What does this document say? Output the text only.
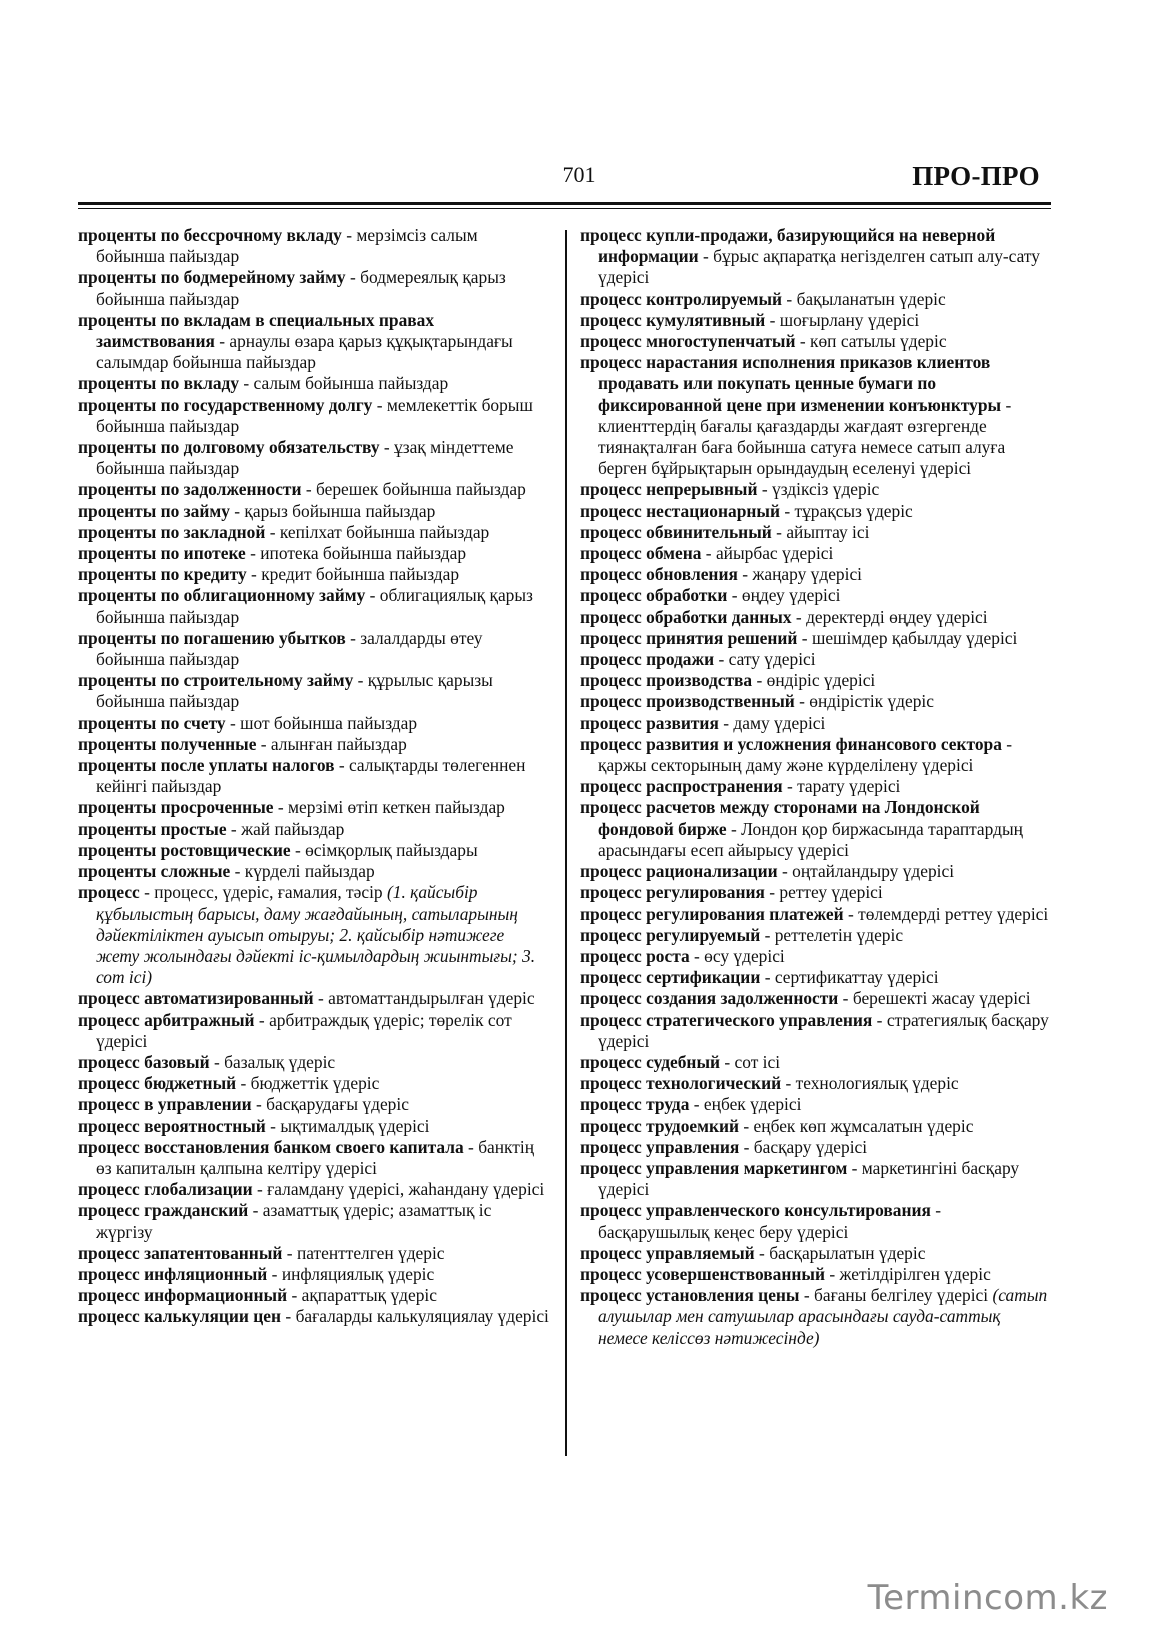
701	ПРО-ПРО
проценты по бессрочному вкладу - мерзімсіз салым бойынша пайыздар
проценты по бодмерейному займу - бодмереялық қарыз бойынша пайыздар
проценты по вкладам в специальных правах заимствования - арнаулы өзара қарыз құқықтарындағы салымдар бойынша пайыздар
проценты по вкладу - салым бойынша пайыздар
проценты по государственному долгу - мемлекеттік борыш бойынша пайыздар
проценты по долговому обязательству - ұзақ міндеттеме бойынша пайыздар
проценты по задолженности - берешек бойынша пайыздар
проценты по займу - қарыз бойынша пайыздар
проценты по закладной - кепілхат бойынша пайыздар
проценты по ипотеке - ипотека бойынша пайыздар
проценты по кредиту - кредит бойынша пайыздар
проценты по облигационному займу - облигациялық қарыз бойынша пайыздар
проценты по погашению убытков - залалдарды өтеу бойынша пайыздар
проценты по строительному займу - құрылыс қарызы бойынша пайыздар
проценты по счету - шот бойынша пайыздар
проценты полученные - алынған пайыздар
проценты после уплаты налогов - салықтарды төлегеннен кейінгі пайыздар
проценты просроченные - мерзімі өтіп кеткен пайыздар
проценты простые - жай пайыздар
проценты ростовщические - өсімқорлық пайыздары
проценты сложные - күрделі пайыздар
процесс - процесс, үдеріс, ғамалия, тәсір (1. қайсыбір құбылыстың барысы, даму жағдайының, сатыларының дәйектіліктен ауысып отыруы; 2. қайсыбір нәтижеге жету жолындағы дәйекті іс-қимылдардың жиынтығы; 3. сот ісі)
процесс автоматизированный - автоматтандырылған үдеріс
процесс арбитражный - арбитраждық үдеріс; төрелік сот үдерісі
процесс базовый - базалық үдеріс
процесс бюджетный - бюджеттік үдеріс
процесс в управлении - басқарудағы үдеріс
процесс вероятностный - ықтималдық үдерісі
процесс восстановления банком своего капитала - банктің өз капиталын қалпына келтіру үдерісі
процесс глобализации - ғаламдану үдерісі, жаһандану үдерісі
процесс гражданский - азаматтық үдеріс; азаматтық іс жүргізу
процесс запатентованный - патенттелген үдеріс
процесс инфляционный - инфляциялық үдеріс
процесс информационный - ақпараттық үдеріс
процесс калькуляции цен - бағаларды калькуляциялау үдерісі
процесс купли-продажи, базирующийся на неверной информации - бұрыс ақпаратқа негізделген сатып алу-сату үдерісі
процесс контролируемый - бақыланатын үдеріс
процесс кумулятивный - шоғырлану үдерісі
процесс многоступенчатый - көп сатылы үдеріс
процесс нарастания исполнения приказов клиентов продавать или покупать ценные бумаги по фиксированной цене при изменении конъюнктуры - клиенттердің бағалы қағаздарды жағдаят өзгергенде тиянақталған баға бойынша сатуға немесе сатып алуға берген бұйрықтарын орындаудың еселенуі үдерісі
процесс непрерывный - үздіксіз үдеріс
процесс нестационарный - тұрақсыз үдеріс
процесс обвинительный - айыптау ісі
процесс обмена - айырбас үдерісі
процесс обновления - жаңару үдерісі
процесс обработки - өңдеу үдерісі
процесс обработки данных - деректерді өңдеу үдерісі
процесс принятия решений - шешімдер қабылдау үдерісі
процесс продажи - сату үдерісі
процесс производства - өндіріс үдерісі
процесс производственный - өндірістік үдеріс
процесс развития - даму үдерісі
процесс развития и усложнения финансового сектора - қаржы секторының даму және күрделілену үдерісі
процесс распространения - тарату үдерісі
процесс расчетов между сторонами на Лондонской фондовой бирже - Лондон қор биржасында тараптардың арасындағы есеп айырысу үдерісі
процесс рационализации - оңтайландыру үдерісі
процесс регулирования - реттеу үдерісі
процесс регулирования платежей - төлемдерді реттеу үдерісі
процесс регулируемый - реттелетін үдеріс
процесс роста - өсу үдерісі
процесс сертификации - сертификаттау үдерісі
процесс создания задолженности - берешекті жасау үдерісі
процесс стратегического управления - стратегиялық басқару үдерісі
процесс судебный - сот ісі
процесс технологический - технологиялық үдеріс
процесс труда - еңбек үдерісі
процесс трудоемкий - еңбек көп жұмсалатын үдеріс
процесс управления - басқару үдерісі
процесс управления маркетингом - маркетингіні басқару үдерісі
процесс управленческого консультирования - басқарушылық кеңес беру үдерісі
процесс управляемый - басқарылатын үдеріс
процесс усовершенствованный - жетілдірілген үдеріс
процесс установления цены - бағаны белгілеу үдерісі (сатып алушылар мен сатушылар арасындағы сауда-саттық немесе келіссөз нәтижесінде)
Termincom.kz
